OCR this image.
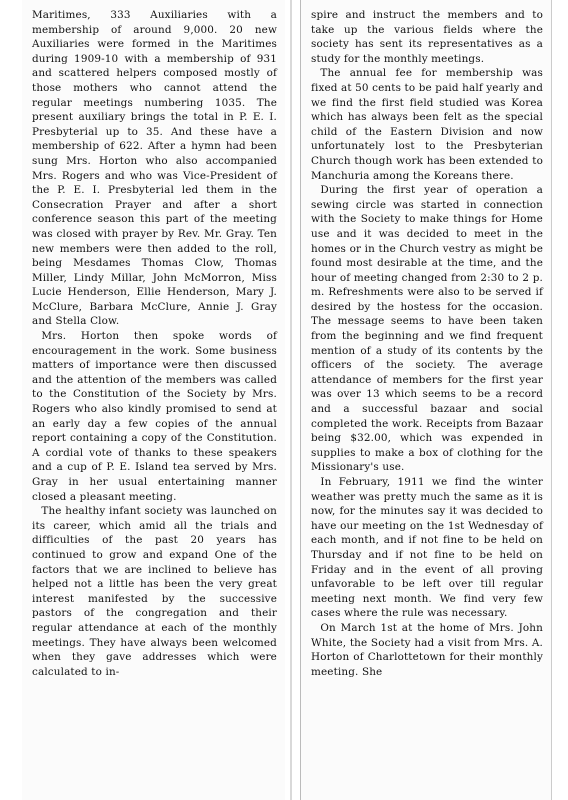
Maritimes, 333 Auxiliaries with a membership of around 9,000. 20 new Auxiliaries were formed in the Maritimes during 1909-10 with a membership of 931 and scattered helpers composed mostly of those mothers who cannot attend the regular meetings numbering 1035. The present auxiliary brings the total in P. E. I. Presbyterial up to 35. And these have a membership of 622. After a hymn had been sung Mrs. Horton who also accompanied Mrs. Rogers and who was Vice-President of the P. E. I. Presbyterial led them in the Consecration Prayer and after a short conference season this part of the meeting was closed with prayer by Rev. Mr. Gray. Ten new members were then added to the roll, being Mesdames Thomas Clow, Thomas Miller, Lindy Millar, John McMorron, Miss Lucie Henderson, Ellie Henderson, Mary J. McClure, Barbara McClure, Annie J. Gray and Stella Clow.

Mrs. Horton then spoke words of encouragement in the work. Some business matters of importance were then discussed and the attention of the members was called to the Constitution of the Society by Mrs. Rogers who also kindly promised to send at an early day a few copies of the annual report containing a copy of the Constitution. A cordial vote of thanks to these speakers and a cup of P. E. Island tea served by Mrs. Gray in her usual entertaining manner closed a pleasant meeting.

The healthy infant society was launched on its career, which amid all the trials and difficulties of the past 20 years has continued to grow and expand One of the factors that we are inclined to believe has helped not a little has been the very great interest manifested by the successive pastors of the congregation and their regular attendance at each of the monthly meetings. They have always been welcomed when they gave addresses which were calculated to in-

spire and instruct the members and to take up the various fields where the society has sent its representatives as a study for the monthly meetings.

The annual fee for membership was fixed at 50 cents to be paid half yearly and we find the first field studied was Korea which has always been felt as the special child of the Eastern Division and now unfortunately lost to the Presbyterian Church though work has been extended to Manchuria among the Koreans there.

During the first year of operation a sewing circle was started in connection with the Society to make things for Home use and it was decided to meet in the homes or in the Church vestry as might be found most desirable at the time, and the hour of meeting changed from 2:30 to 2 p. m. Refreshments were also to be served if desired by the hostess for the occasion. The message seems to have been taken from the beginning and we find frequent mention of a study of its contents by the officers of the society. The average attendance of members for the first year was over 13 which seems to be a record and a successful bazaar and social completed the work. Receipts from Bazaar being $32.00, which was expended in supplies to make a box of clothing for the Missionary's use.

In February, 1911 we find the winter weather was pretty much the same as it is now, for the minutes say it was decided to have our meeting on the 1st Wednesday of each month, and if not fine to be held on Thursday and if not fine to be held on Friday and in the event of all proving unfavorable to be left over till regular meeting next month. We find very few cases where the rule was necessary.

On March 1st at the home of Mrs. John White, the Society had a visit from Mrs. A. Horton of Charlottetown for their monthly meeting. She
